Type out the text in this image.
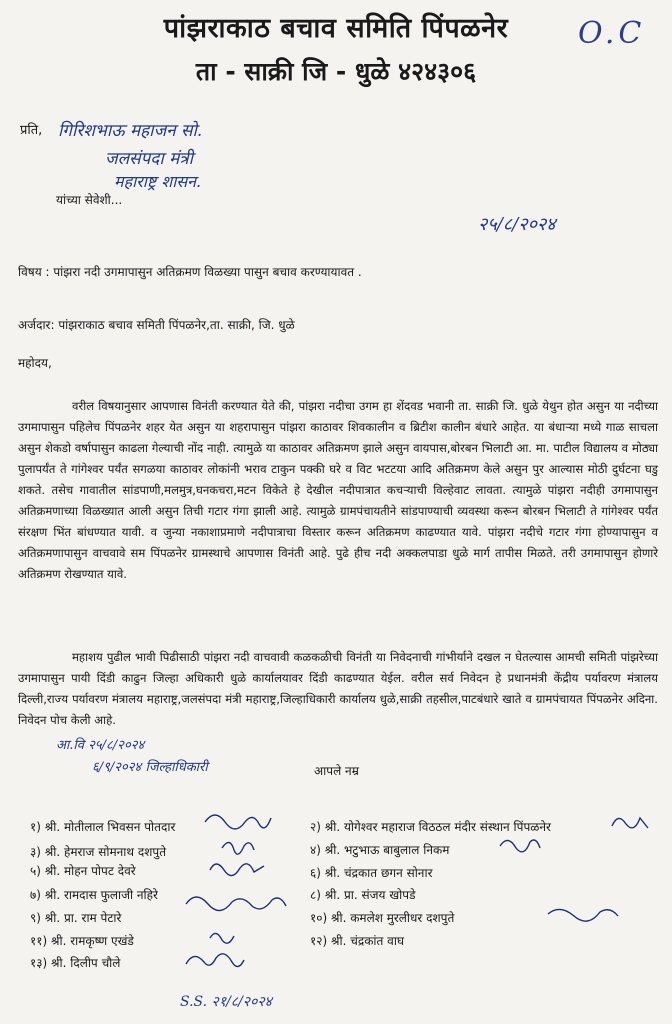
पांझराकाठ बचाव समिति पिंपळनेर
ता - साक्री जि - धुळे ४२४३०६
O.C
प्रति, गिरिशभाऊ महाजन सो.
जलसंपदा मंत्री
महाराष्ट्र शासन.
यांच्या सेवेशी...
२५/८/२०२४
विषय : पांझरा नदी उगमापासुन अतिक्रमण विळख्या पासुन बचाव करण्यायावत .
अर्जदार: पांझराकाठ बचाव समिती पिंपळनेर,ता. साक्री, जि. धुळे
महोदय,

वरील विषयानुसार आपणास विनंती करण्यात येते की, पांझरा नदीचा उगम हा शेंदवड भवानी ता. साक्री जि. धुळे येथुन होत असुन या नदीच्या उगमापासुन पहिलेच पिंपळनेर शहर येत असुन या शहरापासुन पांझरा काठावर शिवकालीन व ब्रिटीश कालीन बंधारे आहेत. या बंधाऱ्या मध्ये गाळ साचला असुन शेकडो वर्षापासुन काढला गेल्याची नोंद नाही. त्यामुळे या काठावर अतिक्रमण झाले असुन वायपास,बोरबन भिलाटी आ. मा. पाटील विद्यालय व मोठ्या पुलापर्यंत ते गांगेश्वर पर्यंत सगळया काठावर लोकांनी भराव टाकुन पक्की घरे व विट भटटया आदि अतिक्रमण केले असुन पुर आल्यास मोठी दुर्घटना घडु शकते. तसेच गावातील सांडपाणी,मलमुत्र,घनकचरा,मटन विकेते हे देखील नदीपात्रात कचऱ्याची विल्हेवाट लावता. त्यामुळे पांझरा नदीही उगमापासुन अतिक्रमणाच्या विळख्यात आली असुन तिची गटार गंगा झाली आहे. त्यामुळे ग्रामपंचायतीने सांडपाण्याची व्यवस्था करून बोरबन भिलाटी ते गांगेश्वर पर्यंत संरक्षण भिंत बांधण्यात यावी. व जुन्या नकाशाप्रमाणे नदीपात्राचा विस्तार करून अतिक्रमण काढण्यात यावे. पांझरा नदीचे गटार गंगा होण्यापासुन व अतिक्रमणापासुन वाचवावे सम पिंपळनेर ग्रामस्थाचे आपणास विनंती आहे. पुढे हीच नदी अक्कलपाडा धुळे मार्ग तापीस मिळते. तरी उगमापासुन होणारे अतिक्रमण रोखण्यात यावे.

महाशय पुढील भावी पिढीसाठी पांझरा नदी वाचवावी कळकळीची विनंती या निवेदनाची गांभीर्याने दखल न घेतल्यास आमची समिती पांझरेच्या उगमापासुन पायी दिंडी काढुन जिल्हा अधिकारी धुळे कार्यालयावर दिंडी काढण्यात येईल. वरील सर्व निवेदन हे प्रधानमंत्री केंद्रीय पर्यावरण मंत्रालय दिल्ली,राज्य पर्यावरण मंत्रालय महाराष्ट्र,जलसंपदा मंत्री महाराष्ट्र,जिल्हाधिकारी कार्यालय धुळे,साक्री तहसील,पाटबंधारे खाते व ग्रामपंचायत पिंपळनेर अदिना. निवेदन पोच केली आहे.

आ.वि २५/८/२०२४
६/९/२०२४ जिल्हाधिकारी	आपले नम्र
१) श्री. मोतीलाल भिवसन पोतदार
३) श्री. हेमराज सोमनाथ दशपुते
५) श्री. मोहन पोपट देवरे
७) श्री. रामदास फुलाजी नहिरे
९) श्री. प्रा. राम पेटारे
११) श्री. रामकृष्ण एखंडे
१३) श्री. दिलीप चौले
२) श्री. योगेश्वर महाराज विठठल मंदीर संस्थान पिंपळनेर
४) श्री. भटुभाऊ बाबुलाल निकम
६) श्री. चंद्रकात छगन सोनार
८) श्री. प्रा. संजय खोपडे
१०) श्री. कमलेश मुरलीधर दशपुते
१२) श्री. चंद्रकांत वाघ
S.S. २१/८/२०२४
